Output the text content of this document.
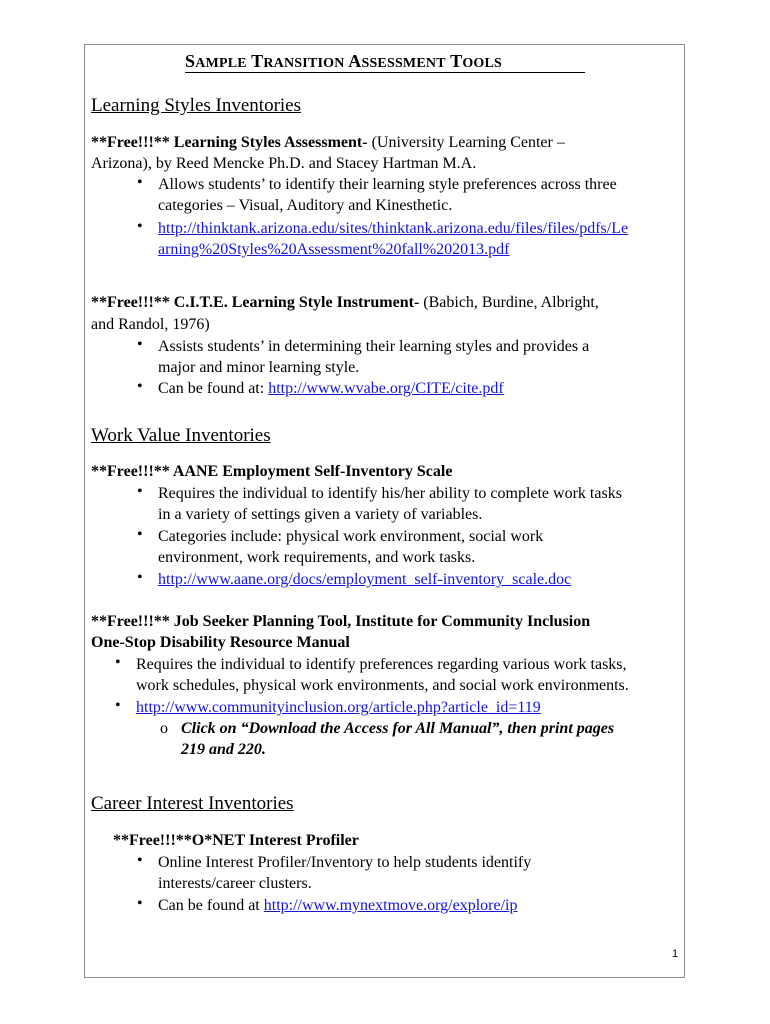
SAMPLE TRANSITION ASSESSMENT TOOLS
Learning Styles Inventories
**Free!!!** Learning Styles Assessment- (University Learning Center –
Arizona), by Reed Mencke Ph.D. and Stacey Hartman M.A.
• Allows students’ to identify their learning style preferences across three
categories – Visual, Auditory and Kinesthetic.
• http://thinktank.arizona.edu/sites/thinktank.arizona.edu/files/files/pdfs/Le
arning%20Styles%20Assessment%20fall%202013.pdf
**Free!!!** C.I.T.E. Learning Style Instrument- (Babich, Burdine, Albright,
and Randol, 1976)
• Assists students’ in determining their learning styles and provides a
major and minor learning style.
• Can be found at: http://www.wvabe.org/CITE/cite.pdf
Work Value Inventories
**Free!!!** AANE Employment Self-Inventory Scale
• Requires the individual to identify his/her ability to complete work tasks
in a variety of settings given a variety of variables.
• Categories include: physical work environment, social work
environment, work requirements, and work tasks.
• http://www.aane.org/docs/employment_self-inventory_scale.doc
**Free!!!** Job Seeker Planning Tool, Institute for Community Inclusion
One-Stop Disability Resource Manual
• Requires the individual to identify preferences regarding various work tasks,
work schedules, physical work environments, and social work environments.
• http://www.communityinclusion.org/article.php?article_id=119
o Click on “Download the Access for All Manual”, then print pages
219 and 220.
Career Interest Inventories
**Free!!!**O*NET Interest Profiler
• Online Interest Profiler/Inventory to help students identify
interests/career clusters.
• Can be found at http://www.mynextmove.org/explore/ip
1
